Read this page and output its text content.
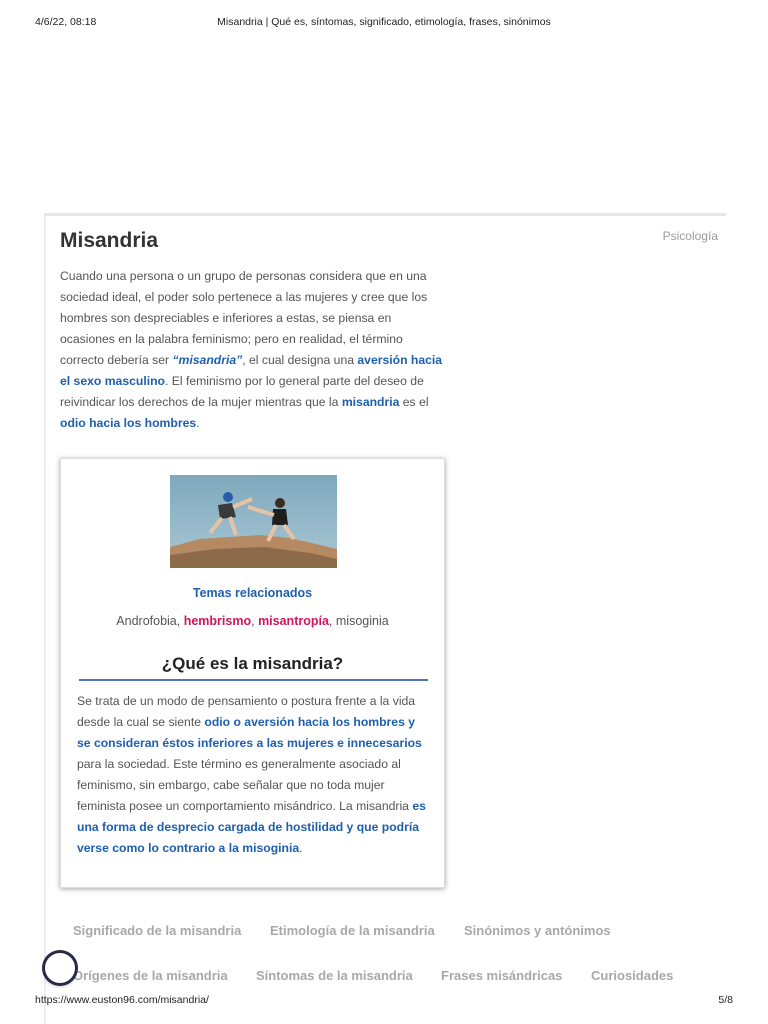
4/6/22, 08:18	Misandria | Qué es, síntomas, significado, etimología, frases, sinónimos
Psicología
Misandria

Cuando una persona o un grupo de personas considera que en una sociedad ideal, el poder solo pertenece a las mujeres y cree que los hombres son despreciables e inferiores a estas, se piensa en ocasiones en la palabra feminismo; pero en realidad, el término correcto debería ser “misandria”, el cual designa una aversión hacia el sexo masculino. El feminismo por lo general parte del deseo de reivindicar los derechos de la mujer mientras que la misandria es el odio hacia los hombres.

Temas relacionados
Androfobia, hembrismo, misantropía, misoginia
¿Qué es la misandria?

Se trata de un modo de pensamiento o postura frente a la vida desde la cual se siente odio o aversión hacia los hombres y se consideran éstos inferiores a las mujeres e innecesarios para la sociedad. Este término es generalmente asociado al feminismo, sin embargo, cabe señalar que no toda mujer feminista posee un comportamiento misándrico. La misandria es una forma de desprecio cargada de hostilidad y que podría verse como lo contrario a la misoginia.

Significado de la misandria Etimología de la misandria Sinónimos y antónimos
Orígenes de la misandria Síntomas de la misandria Frases misándricas Curiosidades
https://www.euston96.com/misandria/	5/8
